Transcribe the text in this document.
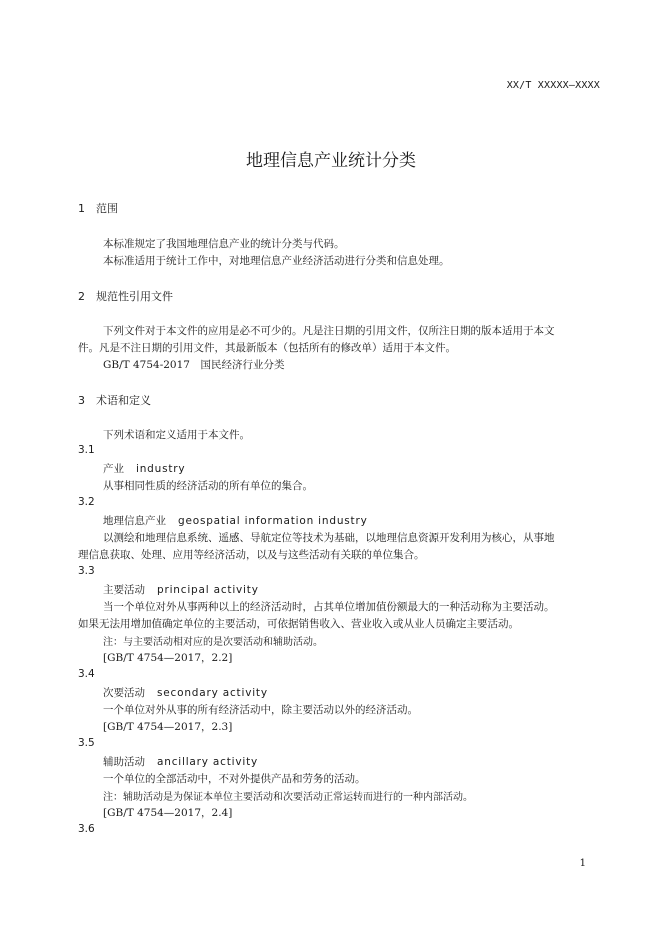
XX/T XXXXX—XXXX
地理信息产业统计分类
1 范围
本标准规定了我国地理信息产业的统计分类与代码。
本标准适用于统计工作中，对地理信息产业经济活动进行分类和信息处理。
2 规范性引用文件
下列文件对于本文件的应用是必不可少的。凡是注日期的引用文件，仅所注日期的版本适用于本文
件。凡是不注日期的引用文件，其最新版本（包括所有的修改单）适用于本文件。
GB/T 4754-2017　国民经济行业分类
3 术语和定义
下列术语和定义适用于本文件。
3.1
产业 industry
从事相同性质的经济活动的所有单位的集合。
3.2
地理信息产业 geospatial information industry
以测绘和地理信息系统、遥感、导航定位等技术为基础，以地理信息资源开发利用为核心，从事地
理信息获取、处理、应用等经济活动，以及与这些活动有关联的单位集合。
3.3
主要活动 principal activity
当一个单位对外从事两种以上的经济活动时，占其单位增加值份额最大的一种活动称为主要活动。
如果无法用增加值确定单位的主要活动，可依据销售收入、营业收入或从业人员确定主要活动。
注：与主要活动相对应的是次要活动和辅助活动。
[GB/T 4754—2017，2.2]
3.4
次要活动 secondary activity
一个单位对外从事的所有经济活动中，除主要活动以外的经济活动。
[GB/T 4754—2017，2.3]
3.5
辅助活动 ancillary activity
一个单位的全部活动中，不对外提供产品和劳务的活动。
注：辅助活动是为保证本单位主要活动和次要活动正常运转而进行的一种内部活动。
[GB/T 4754—2017，2.4]
3.6
1
